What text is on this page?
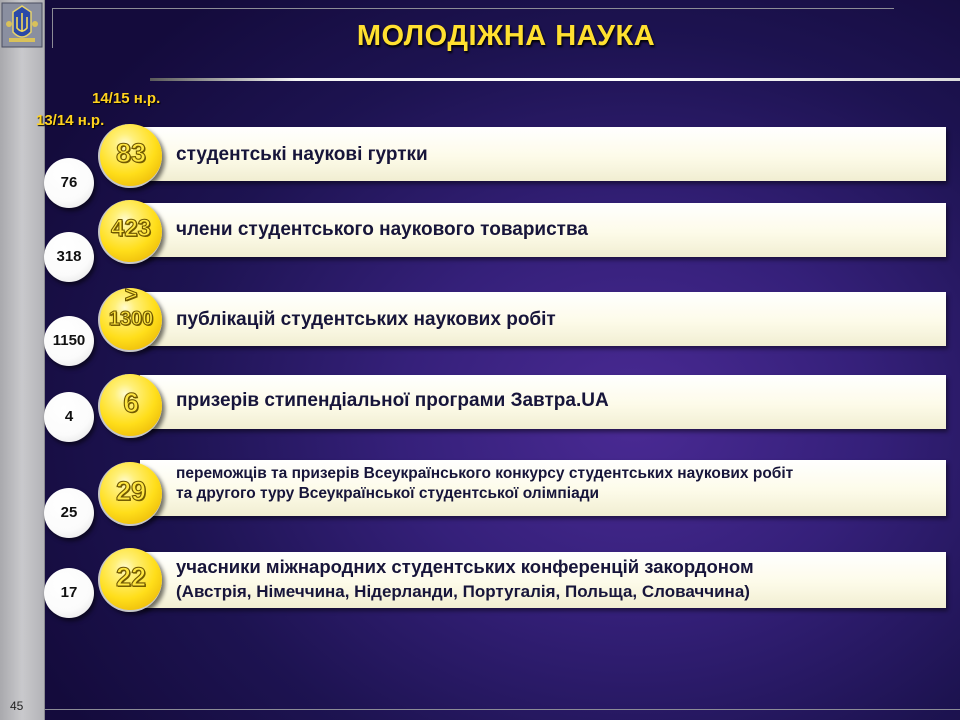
45
МОЛОДІЖНА НАУКА
14/15 н.р.
13/14 н.р.
студентські наукові гуртки
83
76
члени студентського наукового товариства
423
318
публікацій студентських наукових робіт
>
1300
1150
призерів стипендіальної програми Завтра.UA
6
4
переможців та призерів Всеукраїнського конкурсу студентських наукових робіт
та другого туру Всеукраїнської студентської олімпіади
29
25
учасники міжнародних студентських конференцій закордоном
(Австрія, Німеччина, Нідерланди, Португалія, Польща, Словаччина)
22
17
